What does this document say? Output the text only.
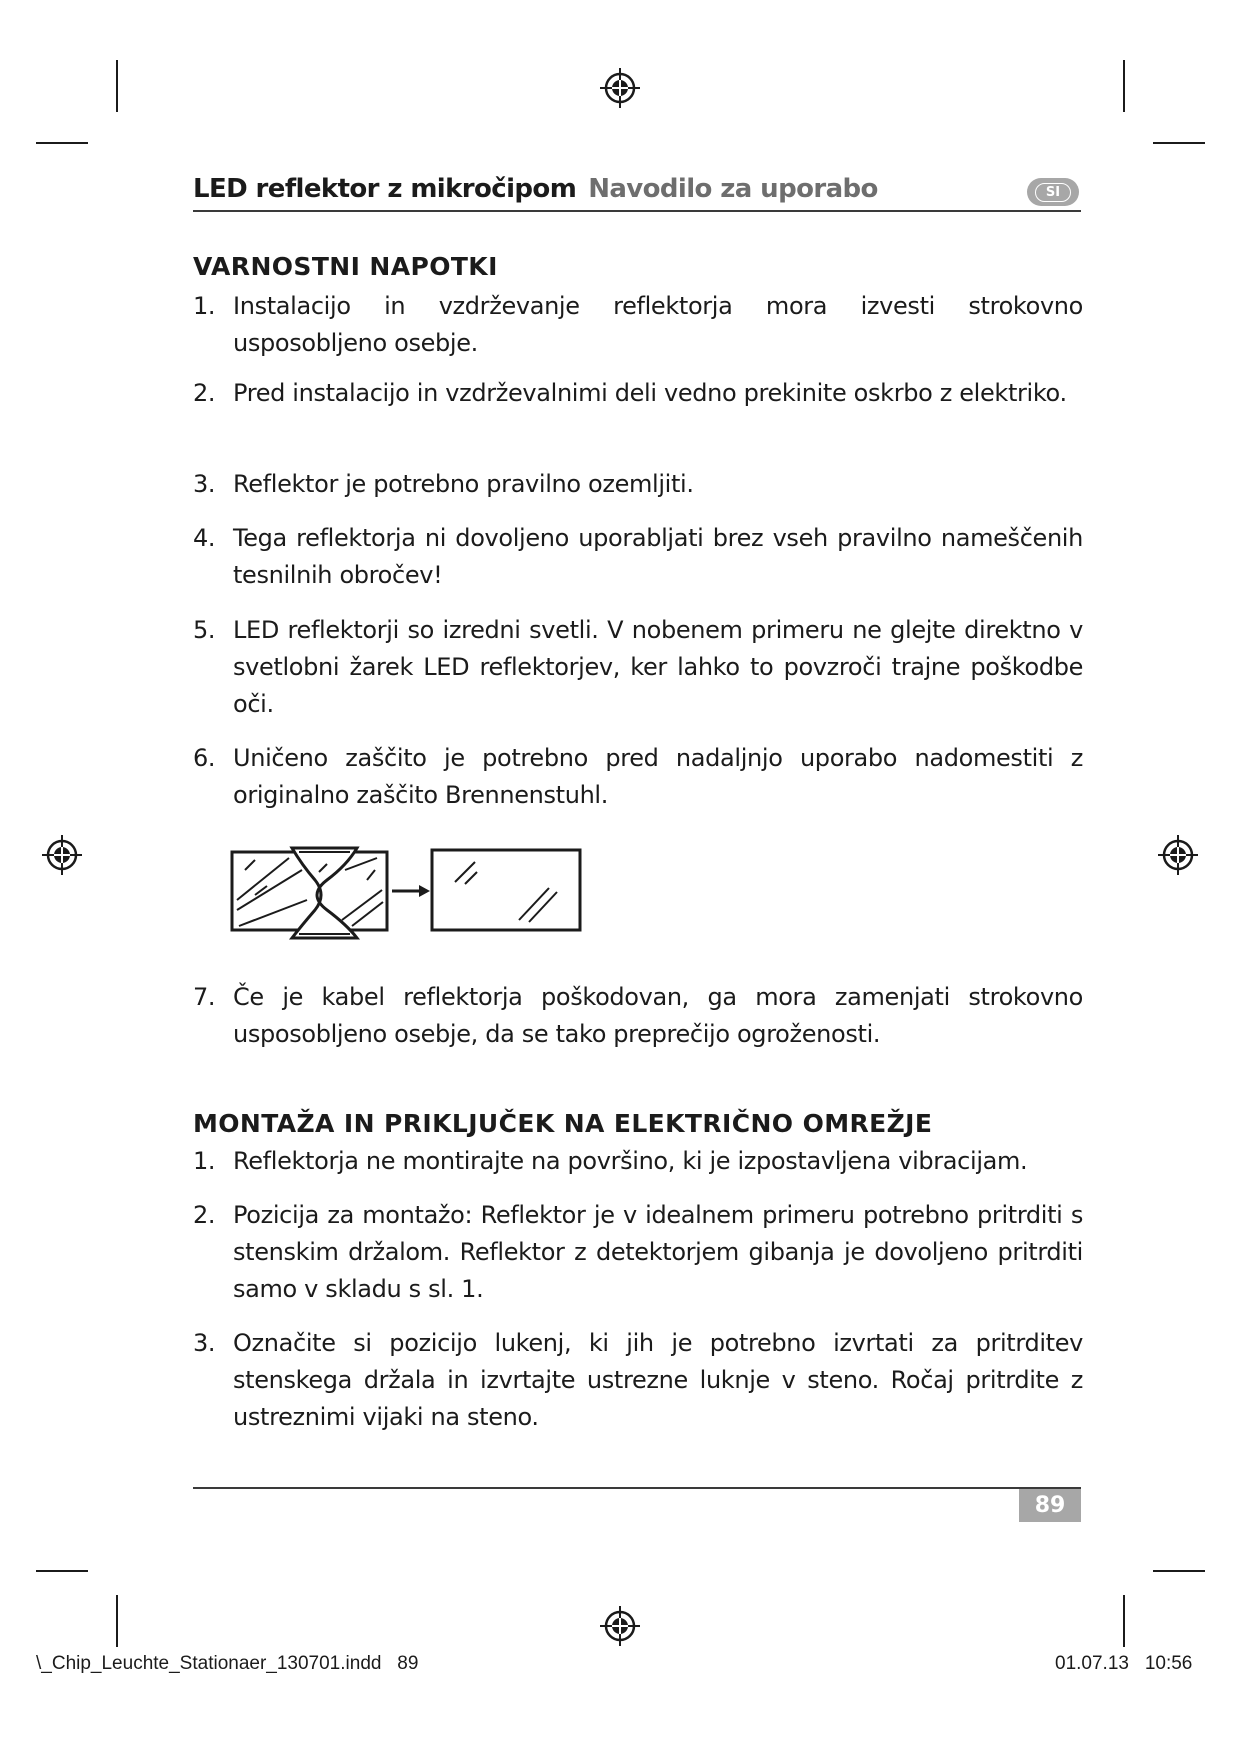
LED reflektor z mikročipom Navodilo za uporabo	SI
VARNOSTNI NAPOTKI
1. Instalacijo in vzdrževanje reflektorja mora izvesti strokovno usposobljeno osebje.
2. Pred instalacijo in vzdrževalnimi deli vedno prekinite oskrbo z elektriko.
3. Reflektor je potrebno pravilno ozemljiti.
4. Tega reflektorja ni dovoljeno uporabljati brez vseh pravilno nameščenih tesnilnih obročev!
5. LED reflektorji so izredni svetli. V nobenem primeru ne glejte direktno v svetlobni žarek LED reflektorjev, ker lahko to povzroči trajne poškodbe oči.
6. Uničeno zaščito je potrebno pred nadaljnjo uporabo nadomestiti z originalno zaščito Brennenstuhl.
7. Če je kabel reflektorja poškodovan, ga mora zamenjati strokovno usposobljeno osebje, da se tako preprečijo ogroženosti.
MONTAŽA IN PRIKLJUČEK NA ELEKTRIČNO OMREŽJE
1. Reflektorja ne montirajte na površino, ki je izpostavljena vibracijam.
2. Pozicija za montažo: Reflektor je v idealnem primeru potrebno pritrditi s stenskim držalom. Reflektor z detektorjem gibanja je dovoljeno pritrditi samo v skladu s sl. 1.
3. Označite si pozicijo lukenj, ki jih je potrebno izvrtati za pritrditev stenskega držala in izvrtajte ustrezne luknje v steno. Ročaj pritrdite z ustreznimi vijaki na steno.
89
\_Chip_Leuchte_Stationaer_130701.indd 89	01.07.13 10:56
